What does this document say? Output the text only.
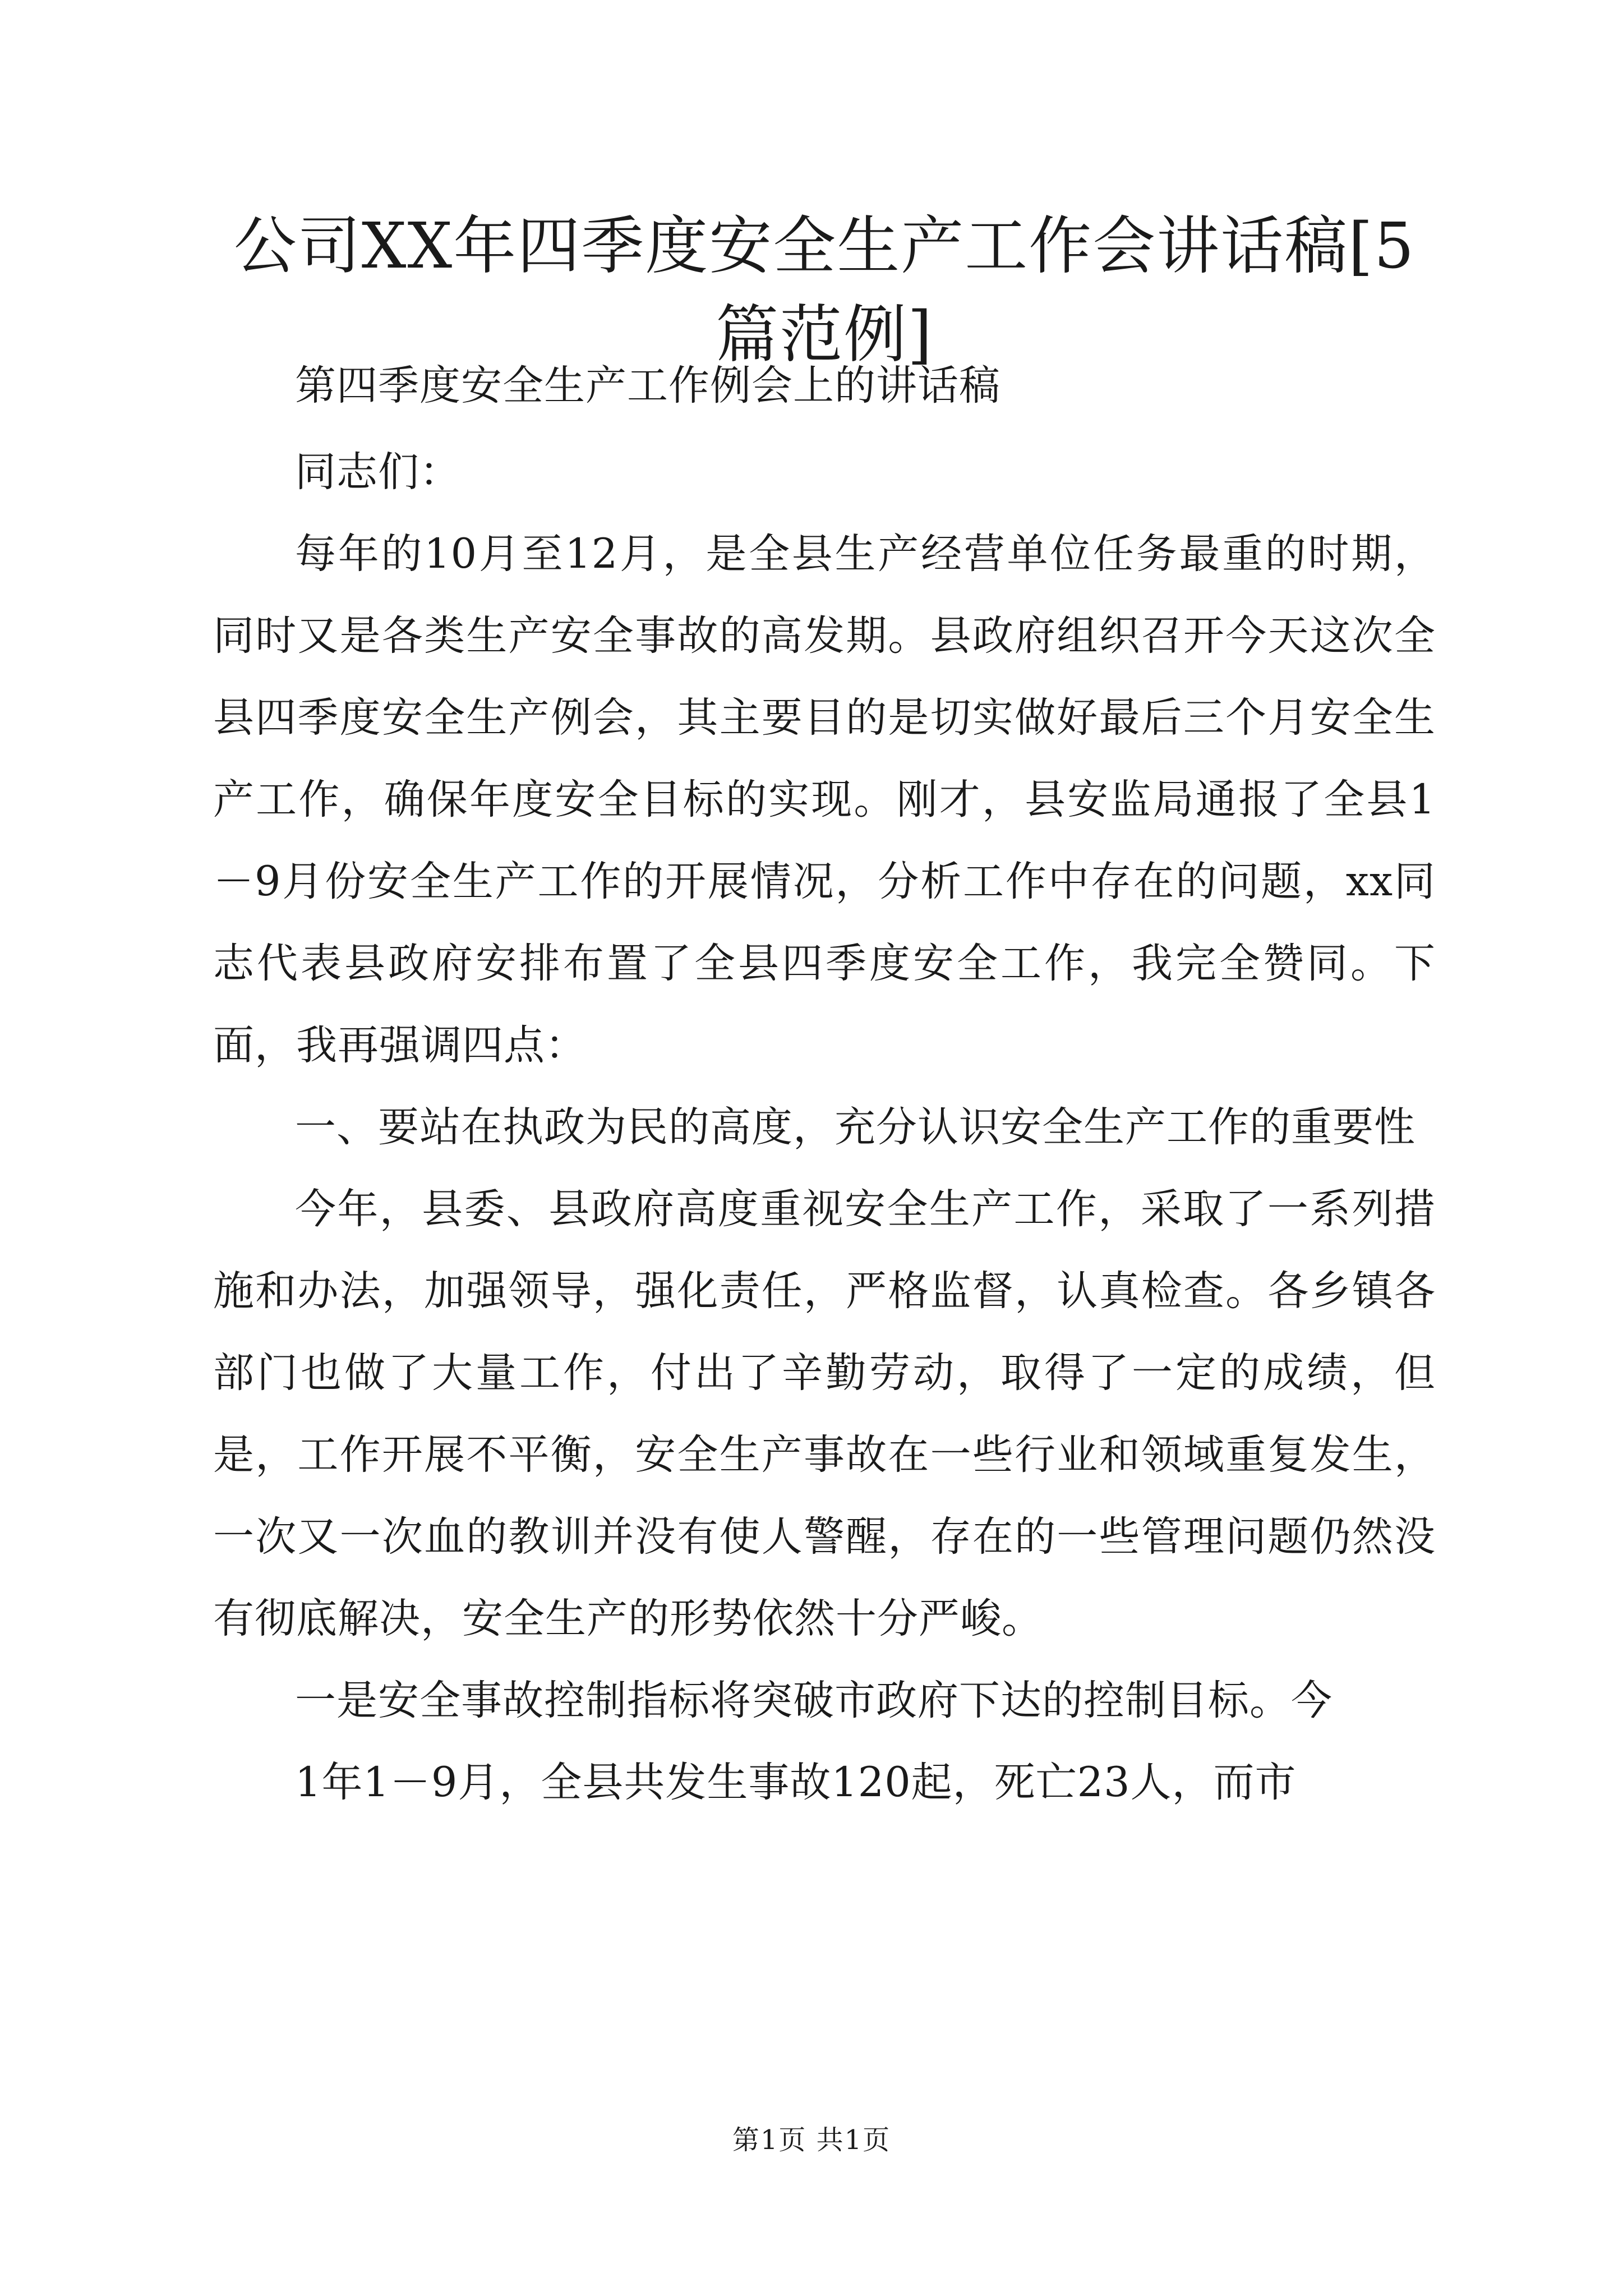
公司XX年四季度安全生产工作会讲话稿[5篇范例]

第四季度安全生产工作例会上的讲话稿

同志们：

每年的10月至12月，是全县生产经营单位任务最重的时期，同时又是各类生产安全事故的高发期。县政府组织召开今天这次全县四季度安全生产例会，其主要目的是切实做好最后三个月安全生产工作，确保年度安全目标的实现。刚才，县安监局通报了全县1－9月份安全生产工作的开展情况，分析工作中存在的问题，xx同志代表县政府安排布置了全县四季度安全工作，我完全赞同。下面，我再强调四点：

一、要站在执政为民的高度，充分认识安全生产工作的重要性

今年，县委、县政府高度重视安全生产工作，采取了一系列措施和办法，加强领导，强化责任，严格监督，认真检查。各乡镇各部门也做了大量工作，付出了辛勤劳动，取得了一定的成绩，但是，工作开展不平衡，安全生产事故在一些行业和领域重复发生，一次又一次血的教训并没有使人警醒，存在的一些管理问题仍然没有彻底解决，安全生产的形势依然十分严峻。

一是安全事故控制指标将突破市政府下达的控制目标。今

1年1－9月，全县共发生事故120起，死亡23人，而市

第1页 共1页
